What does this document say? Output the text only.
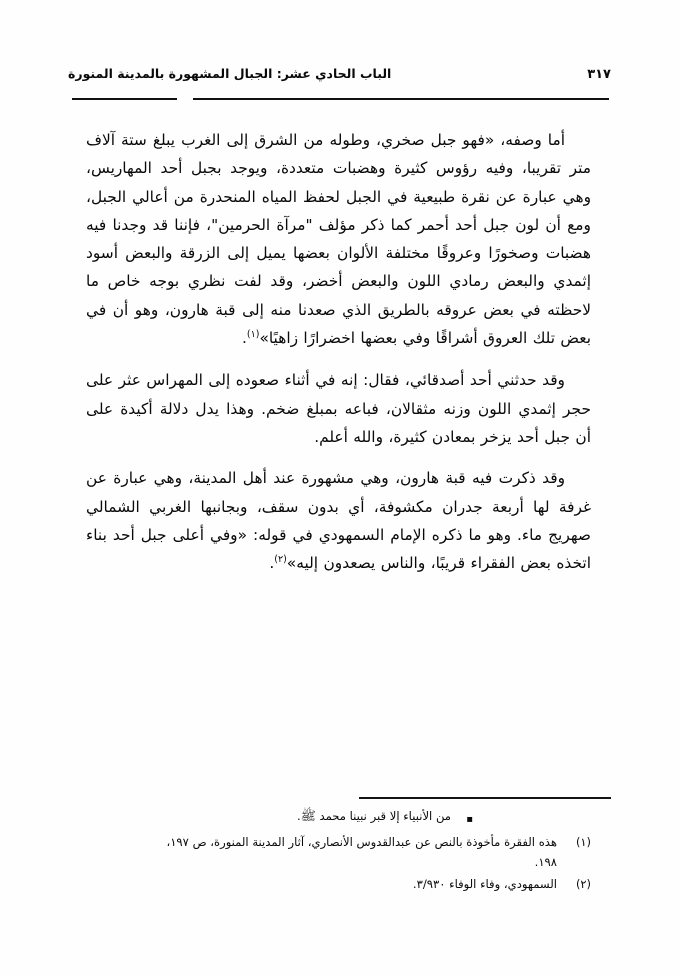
الباب الحادي عشر: الجبال المشهورة بالمدينة المنورة	٣١٧

أما وصفه، «فهو جبل صخري، وطوله من الشرق إلى الغرب يبلغ ستة آلاف متر تقريبا، وفيه رؤوس كثيرة وهضبات متعددة، ويوجد بجبل أحد المهاريس، وهي عبارة عن نقرة طبيعية في الجبل لحفظ المياه المنحدرة من أعالي الجبل، ومع أن لون جبل أحد أحمر كما ذكر مؤلف "مرآة الحرمين"، فإننا قد وجدنا فيه هضبات وصخورًا وعروقًا مختلفة الألوان بعضها يميل إلى الزرقة والبعض أسود إثمدي والبعض رمادي اللون والبعض أخضر، وقد لفت نظري بوجه خاص ما لاحظته في بعض عروقه بالطريق الذي صعدنا منه إلى قبة هارون، وهو أن في بعض تلك العروق أشراقًا وفي بعضها اخضرارًا زاهيًا»$^{(١)}$.

وقد حدثني أحد أصدقائي، فقال: إنه في أثناء صعوده إلى المهراس عثر على حجر إثمدي اللون وزنه مثقالان، فباعه بمبلغ ضخم. وهذا يدل دلالة أكيدة على أن جبل أحد يزخر بمعادن كثيرة، والله أعلم.

وقد ذكرت فيه قبة هارون، وهي مشهورة عند أهل المدينة، وهي عبارة عن غرفة لها أربعة جدران مكشوفة، أي بدون سقف، وبجانبها الغربي الشمالي صهريج ماء. وهو ما ذكره الإمام السمهودي في قوله: «وفي أعلى جبل أحد بناء اتخذه بعض الفقراء قريبًا، والناس يصعدون إليه»$^{(٢)}$.

▪
من الأنبياء إلا قبر نبينا محمد ﷺ.
(١)
هذه الفقرة مأخوذة بالنص عن عبدالقدوس الأنصاري، آثار المدينة المنورة، ص ١٩٧،
١٩٨.
(٢)
السمهودي، وفاء الوفاء ٣/٩٣٠.
